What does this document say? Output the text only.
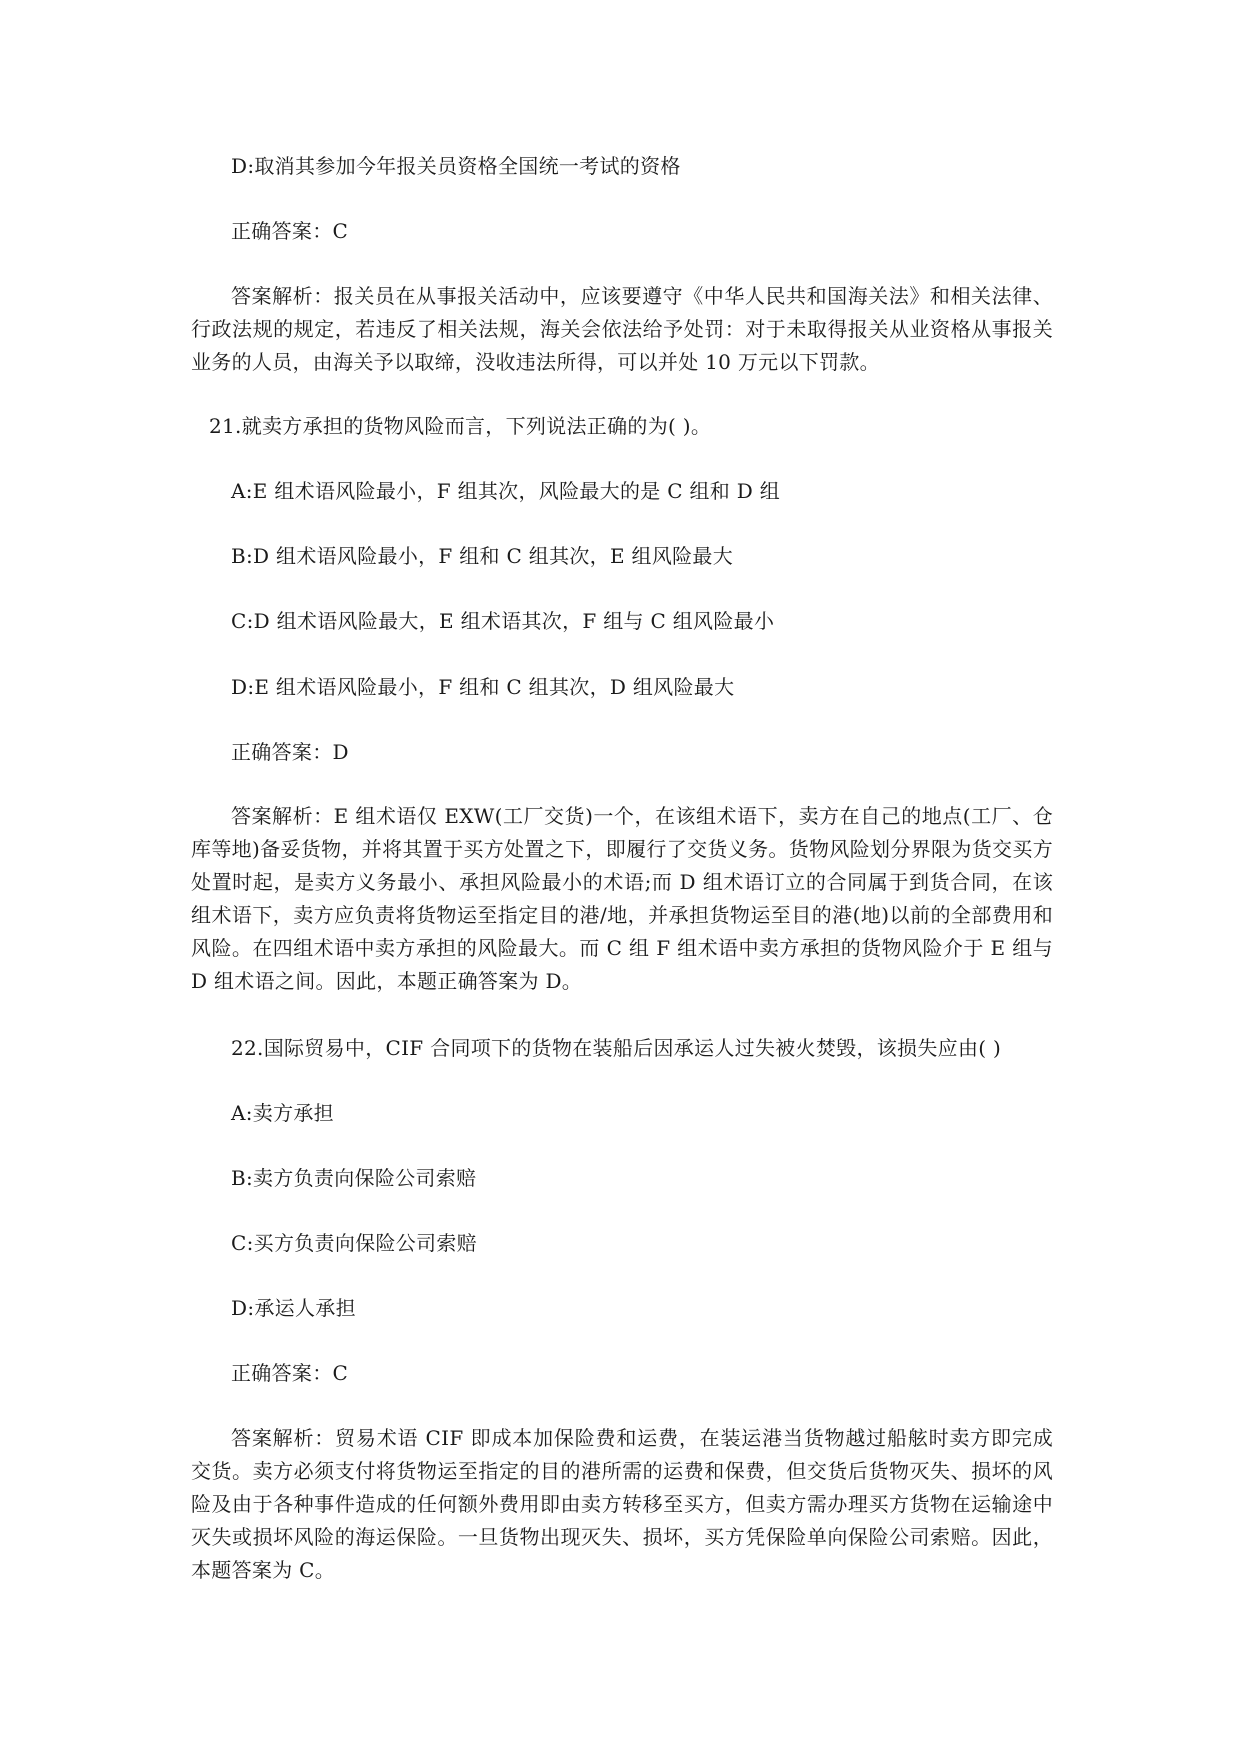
D:取消其参加今年报关员资格全国统一考试的资格
正确答案：C
答案解析：报关员在从事报关活动中，应该要遵守《中华人民共和国海关法》和相关法律、行政法规的规定，若违反了相关法规，海关会依法给予处罚：对于未取得报关从业资格从事报关业务的人员，由海关予以取缔，没收违法所得，可以并处 10 万元以下罚款。
21.就卖方承担的货物风险而言，下列说法正确的为( )。
A:E 组术语风险最小，F 组其次，风险最大的是 C 组和 D 组
B:D 组术语风险最小，F 组和 C 组其次，E 组风险最大
C:D 组术语风险最大，E 组术语其次，F 组与 C 组风险最小
D:E 组术语风险最小，F 组和 C 组其次，D 组风险最大
正确答案：D
答案解析：E 组术语仅 EXW(工厂交货)一个，在该组术语下，卖方在自己的地点(工厂、仓库等地)备妥货物，并将其置于买方处置之下，即履行了交货义务。货物风险划分界限为货交买方处置时起，是卖方义务最小、承担风险最小的术语;而 D 组术语订立的合同属于到货合同，在该组术语下，卖方应负责将货物运至指定目的港/地，并承担货物运至目的港(地)以前的全部费用和风险。在四组术语中卖方承担的风险最大。而 C 组 F 组术语中卖方承担的货物风险介于 E 组与 D 组术语之间。因此，本题正确答案为 D。
22.国际贸易中，CIF 合同项下的货物在装船后因承运人过失被火焚毁，该损失应由( )
A:卖方承担
B:卖方负责向保险公司索赔
C:买方负责向保险公司索赔
D:承运人承担
正确答案：C
答案解析：贸易术语 CIF 即成本加保险费和运费，在装运港当货物越过船舷时卖方即完成交货。卖方必须支付将货物运至指定的目的港所需的运费和保费，但交货后货物灭失、损坏的风险及由于各种事件造成的任何额外费用即由卖方转移至买方，但卖方需办理买方货物在运输途中灭失或损坏风险的海运保险。一旦货物出现灭失、损坏，买方凭保险单向保险公司索赔。因此，本题答案为 C。
